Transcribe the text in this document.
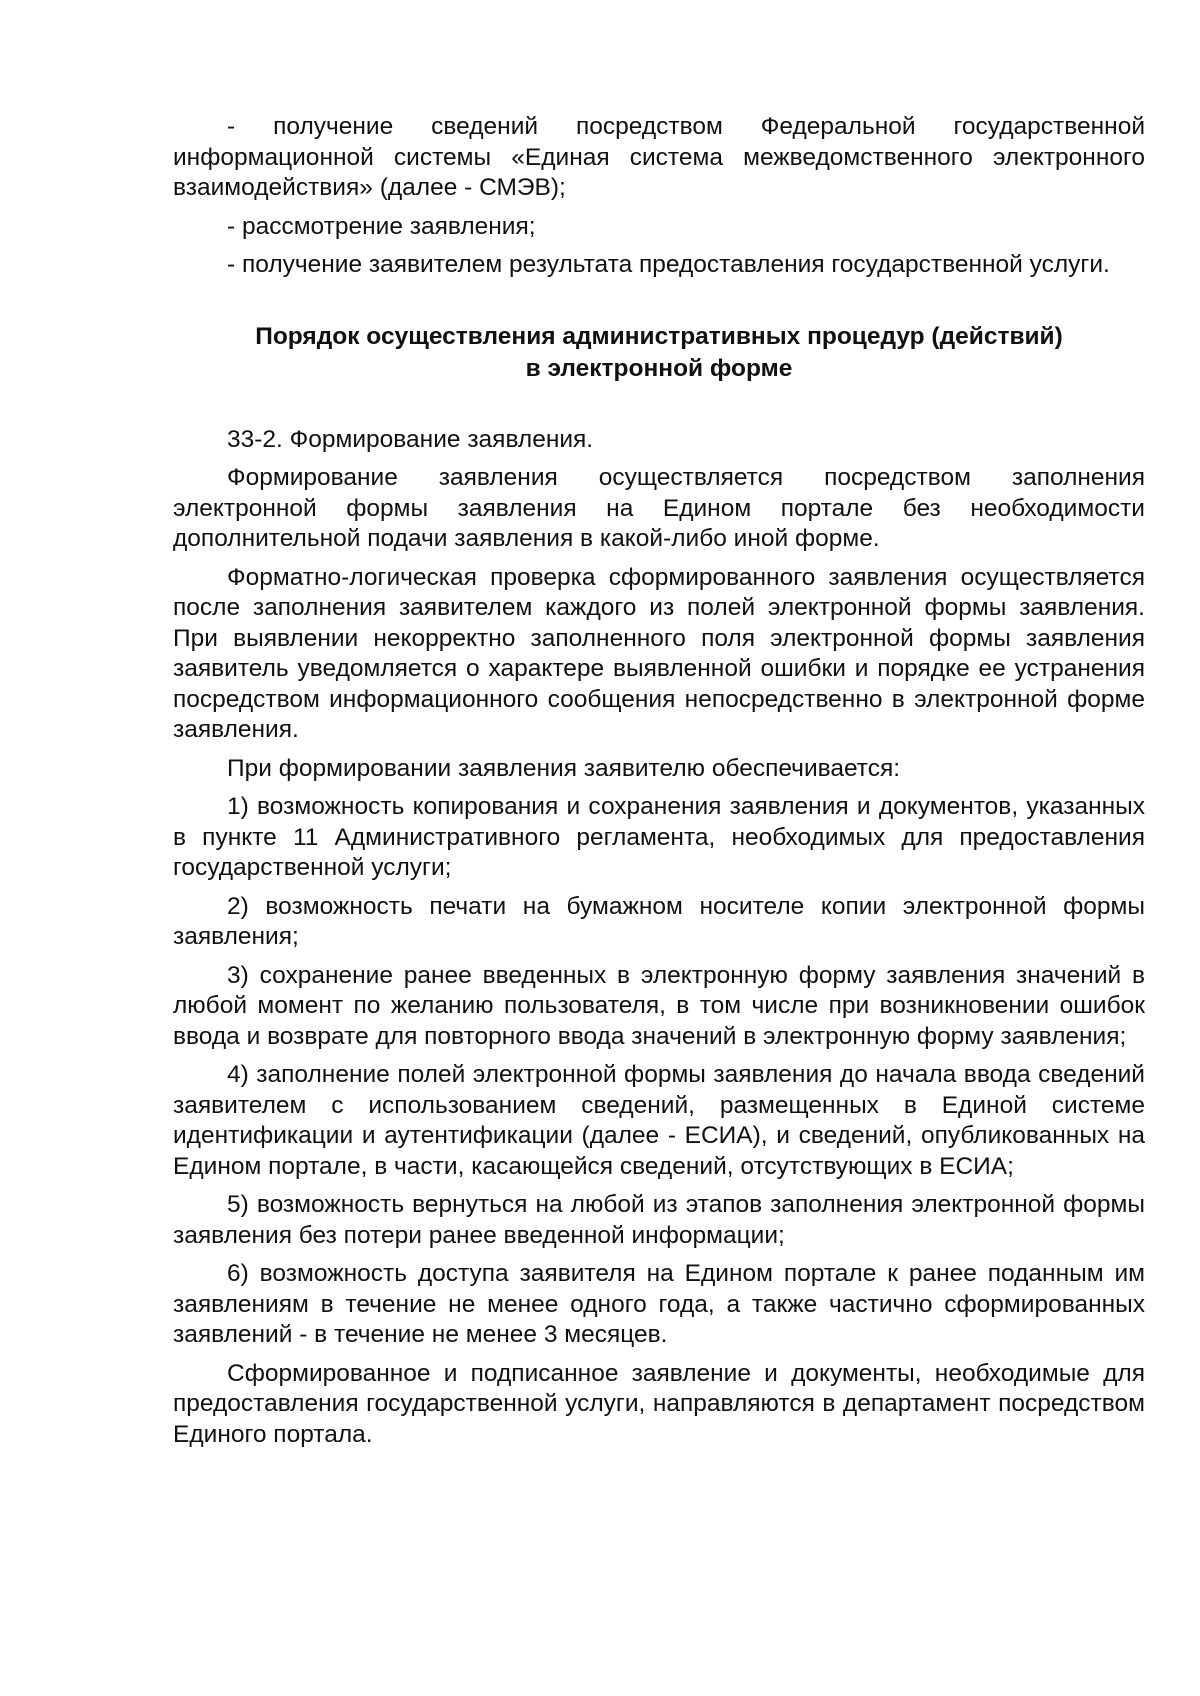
- получение сведений посредством Федеральной государственной информационной системы «Единая система межведомственного электронного взаимодействия» (далее - СМЭВ);

- рассмотрение заявления;

- получение заявителем результата предоставления государственной услуги.

Порядок осуществления административных процедур (действий)
в электронной форме

33-2. Формирование заявления.

Формирование заявления осуществляется посредством заполнения электронной формы заявления на Едином портале без необходимости дополнительной подачи заявления в какой-либо иной форме.

Форматно-логическая проверка сформированного заявления осуществляется после заполнения заявителем каждого из полей электронной формы заявления. При выявлении некорректно заполненного поля электронной формы заявления заявитель уведомляется о характере выявленной ошибки и порядке ее устранения посредством информационного сообщения непосредственно в электронной форме заявления.

При формировании заявления заявителю обеспечивается:

1) возможность копирования и сохранения заявления и документов, указанных в пункте 11 Административного регламента, необходимых для предоставления государственной услуги;

2) возможность печати на бумажном носителе копии электронной формы заявления;

3) сохранение ранее введенных в электронную форму заявления значений в любой момент по желанию пользователя, в том числе при возникновении ошибок ввода и возврате для повторного ввода значений в электронную форму заявления;

4) заполнение полей электронной формы заявления до начала ввода сведений заявителем с использованием сведений, размещенных в Единой системе идентификации и аутентификации (далее - ЕСИА), и сведений, опубликованных на Едином портале, в части, касающейся сведений, отсутствующих в ЕСИА;

5) возможность вернуться на любой из этапов заполнения электронной формы заявления без потери ранее введенной информации;

6) возможность доступа заявителя на Едином портале к ранее поданным им заявлениям в течение не менее одного года, а также частично сформированных заявлений - в течение не менее 3 месяцев.

Сформированное и подписанное заявление и документы, необходимые для предоставления государственной услуги, направляются в департамент посредством Единого портала.
